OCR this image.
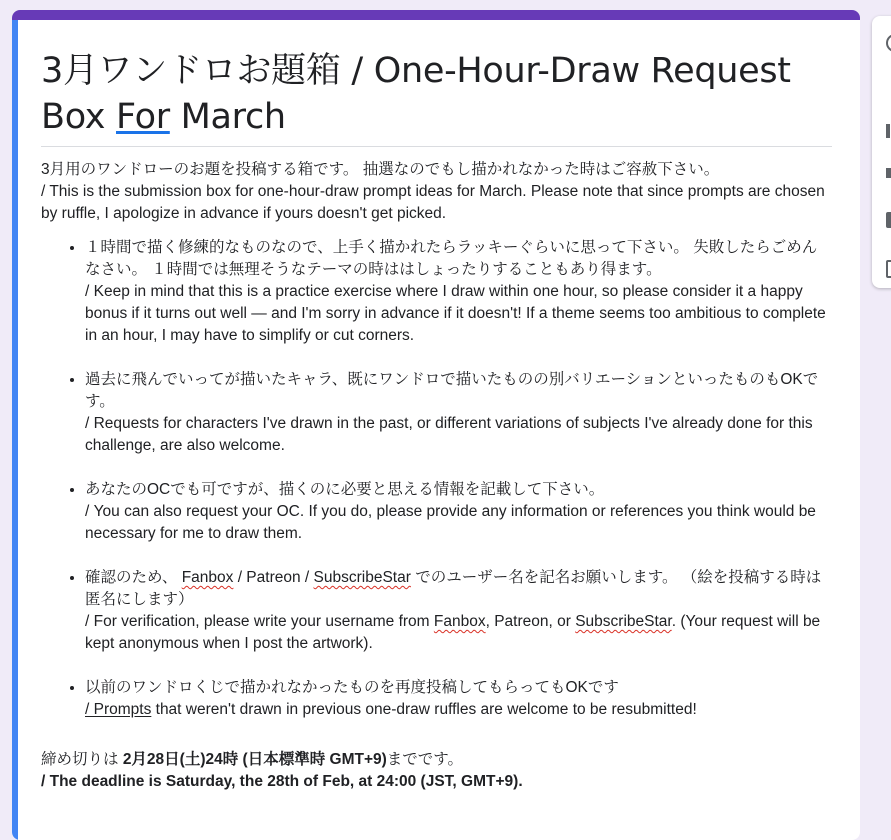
3月ワンドロお題箱 / One-Hour-Draw Request Box For March

3月用のワンドローのお題を投稿する箱です。 抽選なのでもし描かれなかった時はご容赦下さい。

/ This is the submission box for one-hour-draw prompt ideas for March. Please note that since prompts are chosen by ruffle, I apologize in advance if yours doesn't get picked.

• １時間で描く修練的なものなので、上手く描かれたらラッキーぐらいに思って下さい。 失敗したらごめんなさい。 １時間では無理そうなテーマの時ははしょったりすることもあり得ます。
/ Keep in mind that this is a practice exercise where I draw within one hour, so please consider it a happy bonus if it turns out well — and I'm sorry in advance if it doesn't! If a theme seems too ambitious to complete in an hour, I may have to simplify or cut corners.
• 過去に飛んでいってが描いたキャラ、既にワンドロで描いたものの別バリエーションといったものもOKです。
/ Requests for characters I've drawn in the past, or different variations of subjects I've already done for this challenge, are also welcome.
• あなたのOCでも可ですが、描くのに必要と思える情報を記載して下さい。
/ You can also request your OC. If you do, please provide any information or references you think would be necessary for me to draw them.
• 確認のため、 Fanbox / Patreon / SubscribeStar でのユーザー名を記名お願いします。 （絵を投稿する時は匿名にします）
/ For verification, please write your username from Fanbox, Patreon, or SubscribeStar. (Your request will be kept anonymous when I post the artwork).
• 以前のワンドロくじで描かれなかったものを再度投稿してもらってもOKです
/ Prompts that weren't drawn in previous one-draw ruffles are welcome to be resubmitted!

締め切りは 2月28日(土)24時 (日本標準時 GMT+9)までです。

/ The deadline is Saturday, the 28th of Feb, at 24:00 (JST, GMT+9).
